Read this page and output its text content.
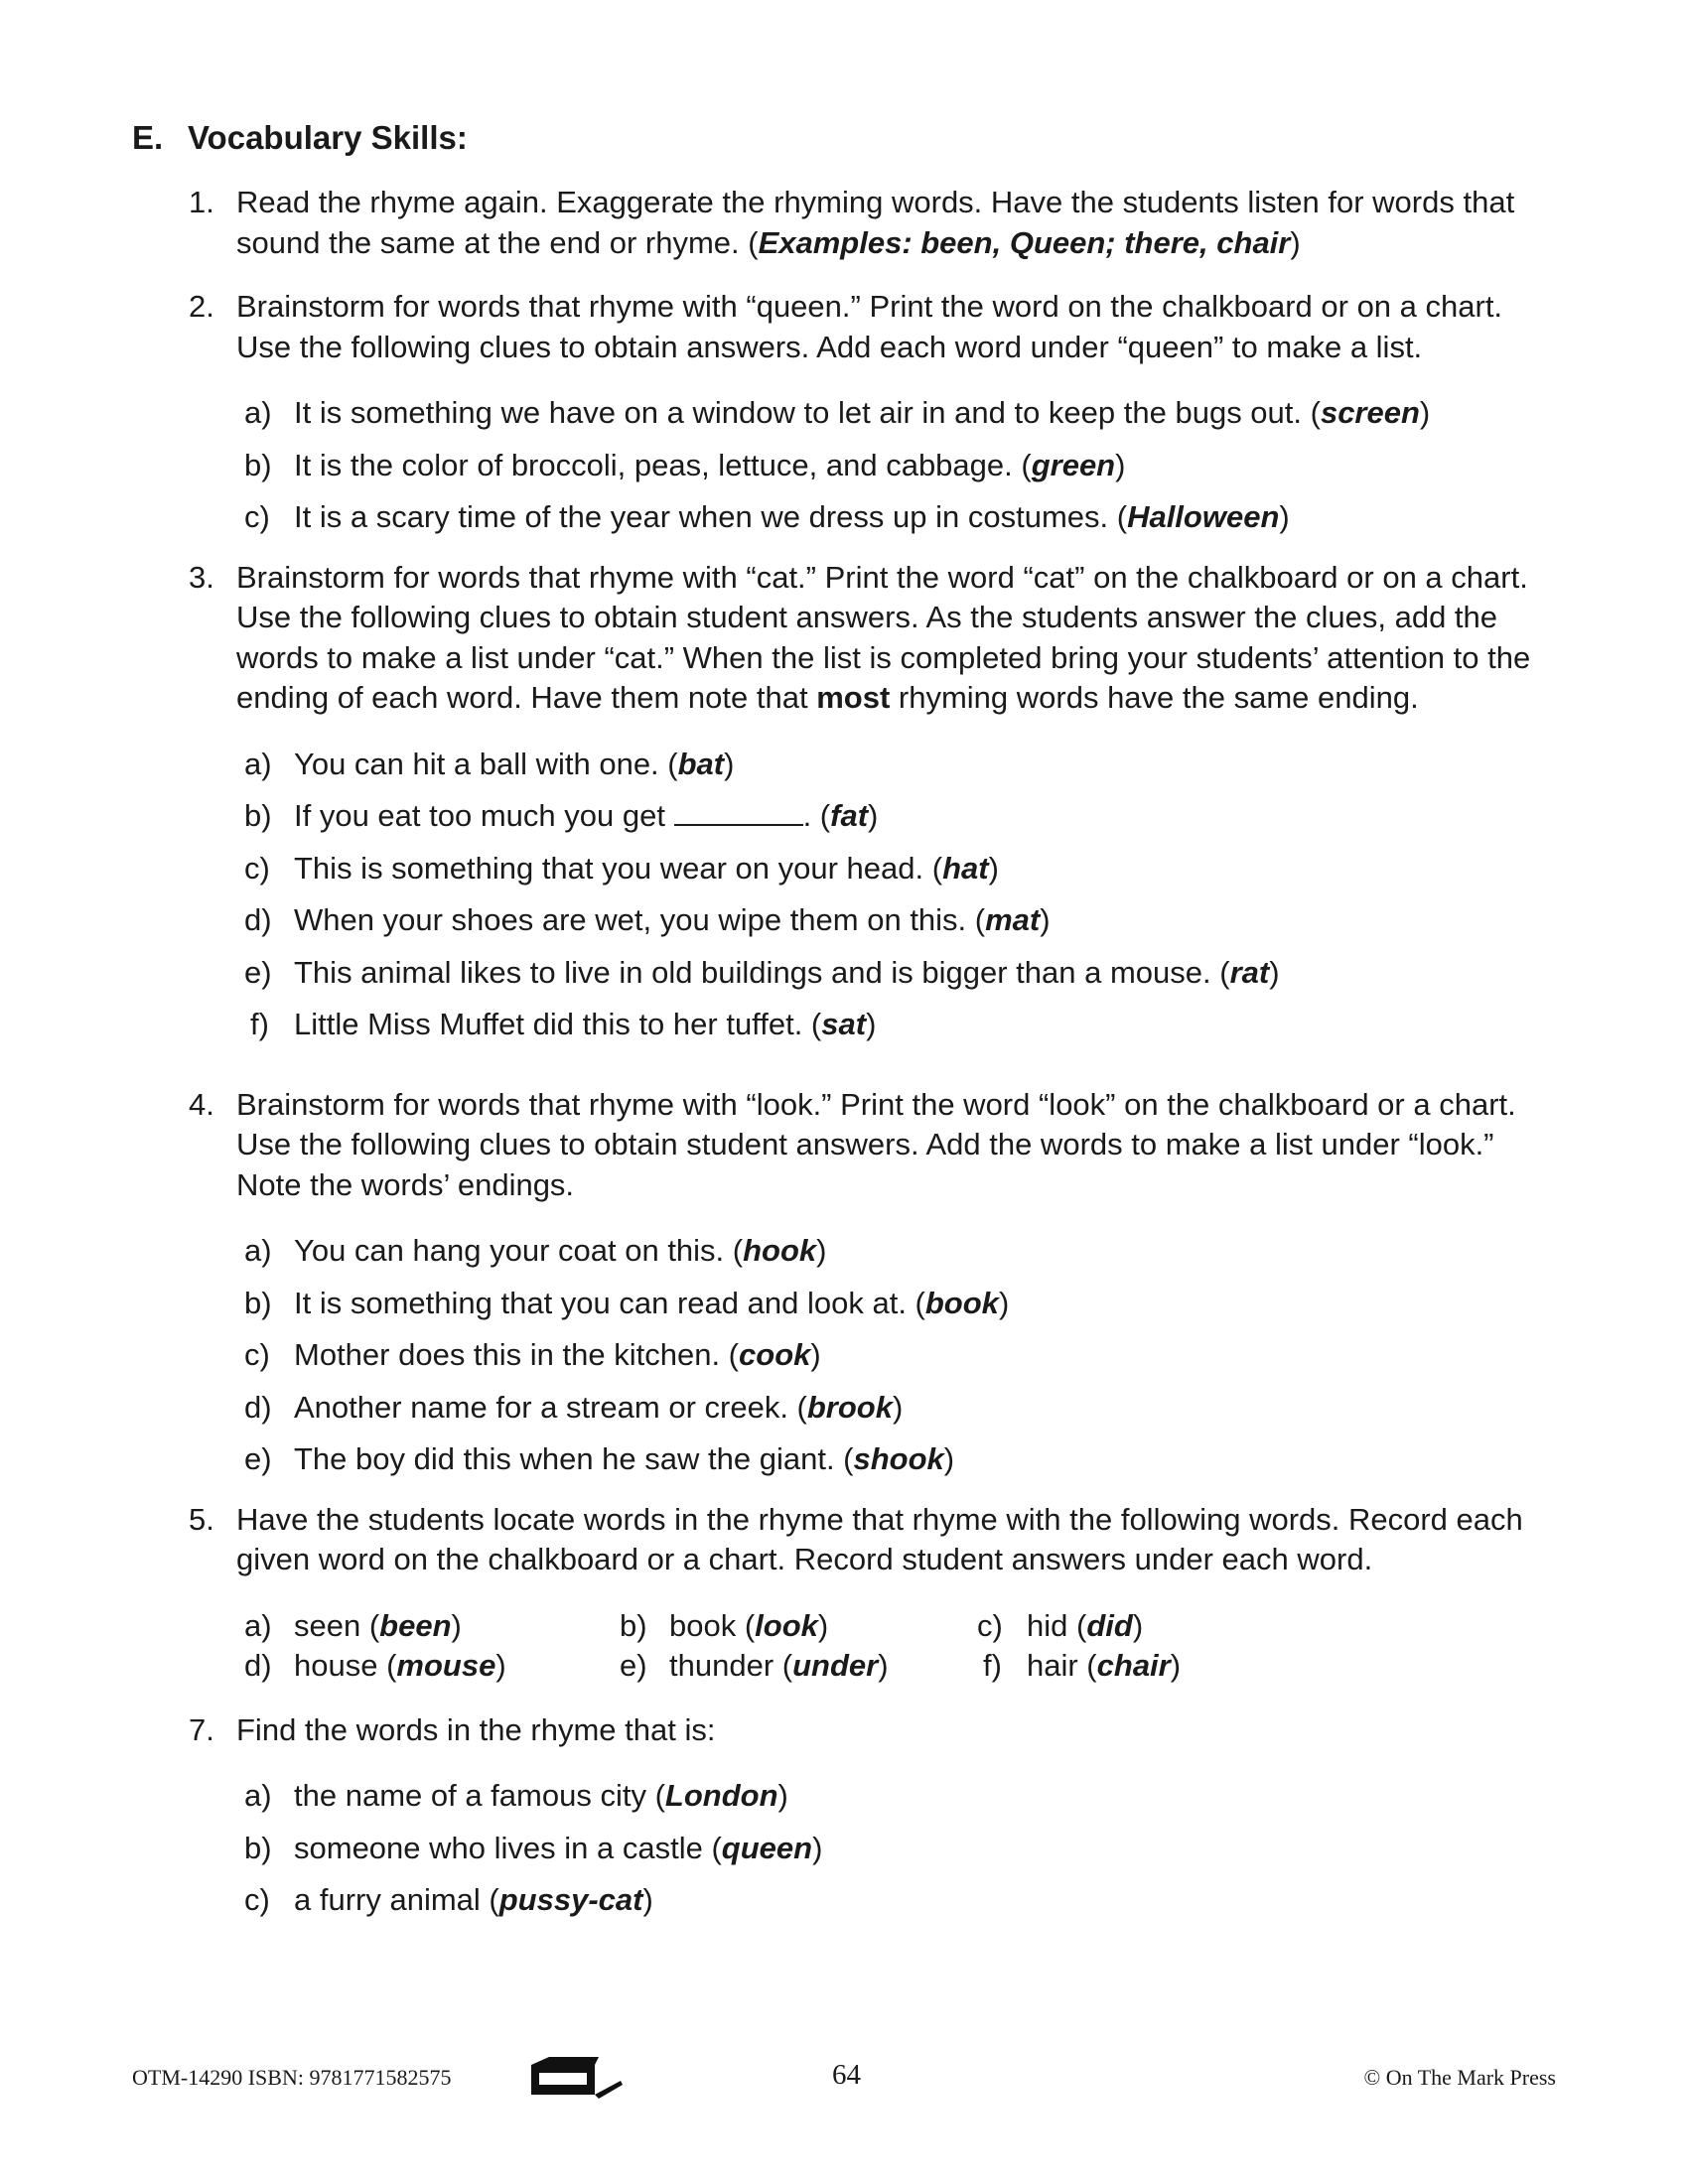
E. Vocabulary Skills:
1. Read the rhyme again. Exaggerate the rhyming words. Have the students listen for words that sound the same at the end or rhyme. (Examples: been, Queen; there, chair)
2. Brainstorm for words that rhyme with “queen.” Print the word on the chalkboard or on a chart. Use the following clues to obtain answers. Add each word under “queen” to make a list.
a) It is something we have on a window to let air in and to keep the bugs out. (screen)
b) It is the color of broccoli, peas, lettuce, and cabbage. (green)
c) It is a scary time of the year when we dress up in costumes. (Halloween)
3. Brainstorm for words that rhyme with “cat.” Print the word “cat” on the chalkboard or on a chart. Use the following clues to obtain student answers. As the students answer the clues, add the words to make a list under “cat.” When the list is completed bring your students’ attention to the ending of each word. Have them note that most rhyming words have the same ending.
a) You can hit a ball with one. (bat)
b) If you eat too much you get	. (fat)
c) This is something that you wear on your head. (hat)
d) When your shoes are wet, you wipe them on this. (mat)
e) This animal likes to live in old buildings and is bigger than a mouse. (rat)
f) Little Miss Muffet did this to her tuffet. (sat)
4. Brainstorm for words that rhyme with “look.” Print the word “look” on the chalkboard or a chart. Use the following clues to obtain student answers. Add the words to make a list under “look.” Note the words’ endings.
a) You can hang your coat on this. (hook)
b) It is something that you can read and look at. (book)
c) Mother does this in the kitchen. (cook)
d) Another name for a stream or creek. (brook)
e) The boy did this when he saw the giant. (shook)
5. Have the students locate words in the rhyme that rhyme with the following words. Record each given word on the chalkboard or a chart. Record student answers under each word.
a) seen (been)	b) book (look)	c) hid (did)
d) house (mouse)	e) thunder (under)	f) hair (chair)
7. Find the words in the rhyme that is:
a) the name of a famous city (London)
b) someone who lives in a castle (queen)
c) a furry animal (pussy-cat)
OTM-14290 ISBN: 9781771582575	64	© On The Mark Press
